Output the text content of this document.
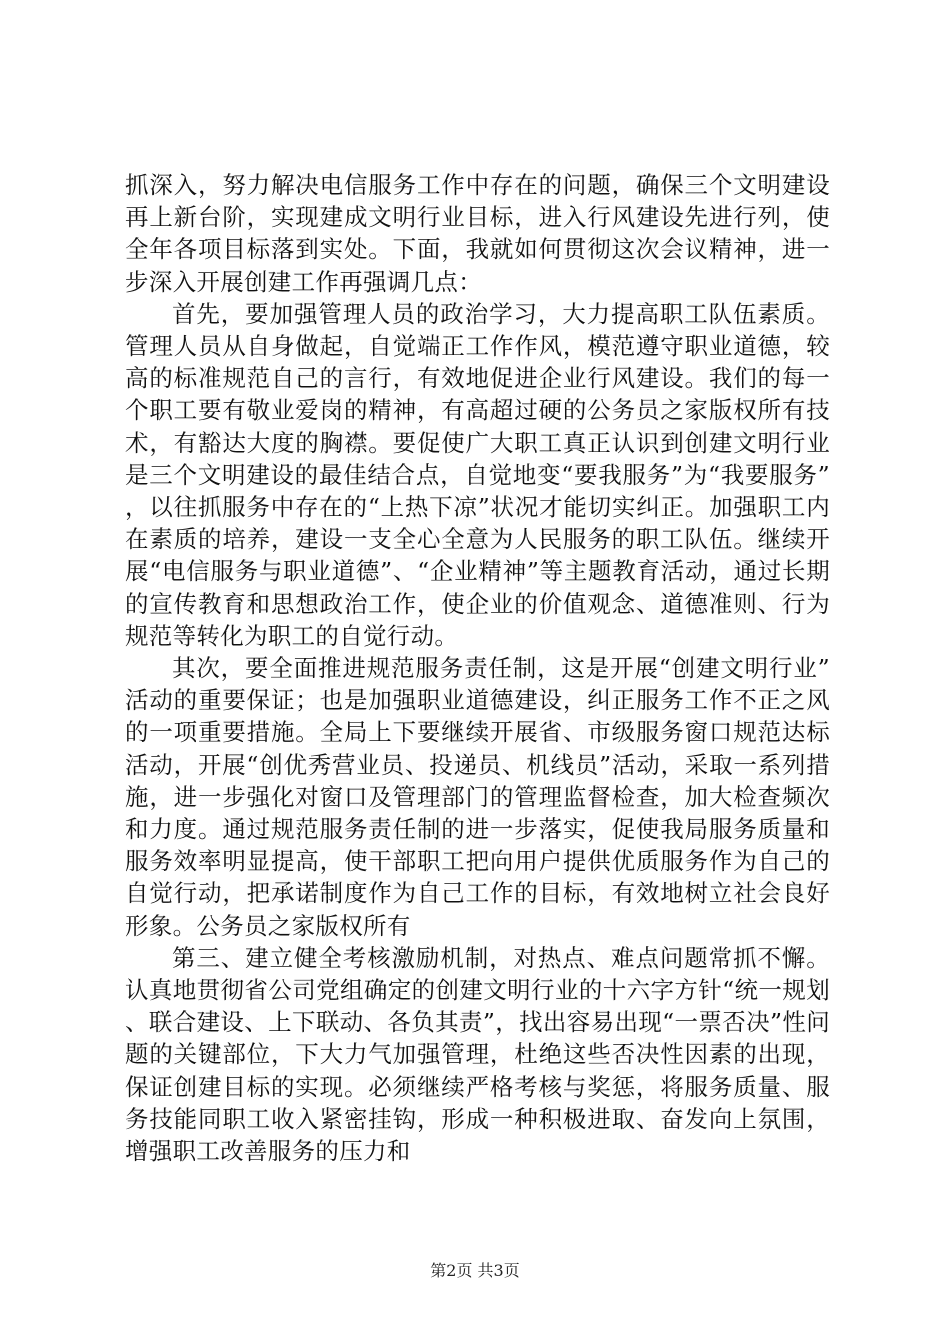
抓深入，努力解决电信服务工作中存在的问题，确保三个文明建设再上新台阶，实现建成文明行业目标，进入行风建设先进行列，使全年各项目标落到实处。下面，我就如何贯彻这次会议精神，进一步深入开展创建工作再强调几点：

首先，要加强管理人员的政治学习，大力提高职工队伍素质。管理人员从自身做起，自觉端正工作作风，模范遵守职业道德，较高的标准规范自己的言行，有效地促进企业行风建设。我们的每一个职工要有敬业爱岗的精神，有高超过硬的公务员之家版权所有技术，有豁达大度的胸襟。要促使广大职工真正认识到创建文明行业是三个文明建设的最佳结合点，自觉地变“要我服务”为“我要服务”，以往抓服务中存在的“上热下凉”状况才能切实纠正。加强职工内在素质的培养，建设一支全心全意为人民服务的职工队伍。继续开展“电信服务与职业道德”、“企业精神”等主题教育活动，通过长期的宣传教育和思想政治工作，使企业的价值观念、道德准则、行为规范等转化为职工的自觉行动。

其次，要全面推进规范服务责任制，这是开展“创建文明行业”活动的重要保证；也是加强职业道德建设，纠正服务工作不正之风的一项重要措施。全局上下要继续开展省、市级服务窗口规范达标活动，开展“创优秀营业员、投递员、机线员”活动，采取一系列措施，进一步强化对窗口及管理部门的管理监督检查，加大检查频次和力度。通过规范服务责任制的进一步落实，促使我局服务质量和服务效率明显提高，使干部职工把向用户提供优质服务作为自己的自觉行动，把承诺制度作为自己工作的目标，有效地树立社会良好形象。公务员之家版权所有

第三、建立健全考核激励机制，对热点、难点问题常抓不懈。认真地贯彻省公司党组确定的创建文明行业的十六字方针“统一规划、联合建设、上下联动、各负其责”，找出容易出现“一票否决”性问题的关键部位，下大力气加强管理，杜绝这些否决性因素的出现，保证创建目标的实现。必须继续严格考核与奖惩，将服务质量、服务技能同职工收入紧密挂钩，形成一种积极进取、奋发向上氛围，增强职工改善服务的压力和

第2页 共3页
